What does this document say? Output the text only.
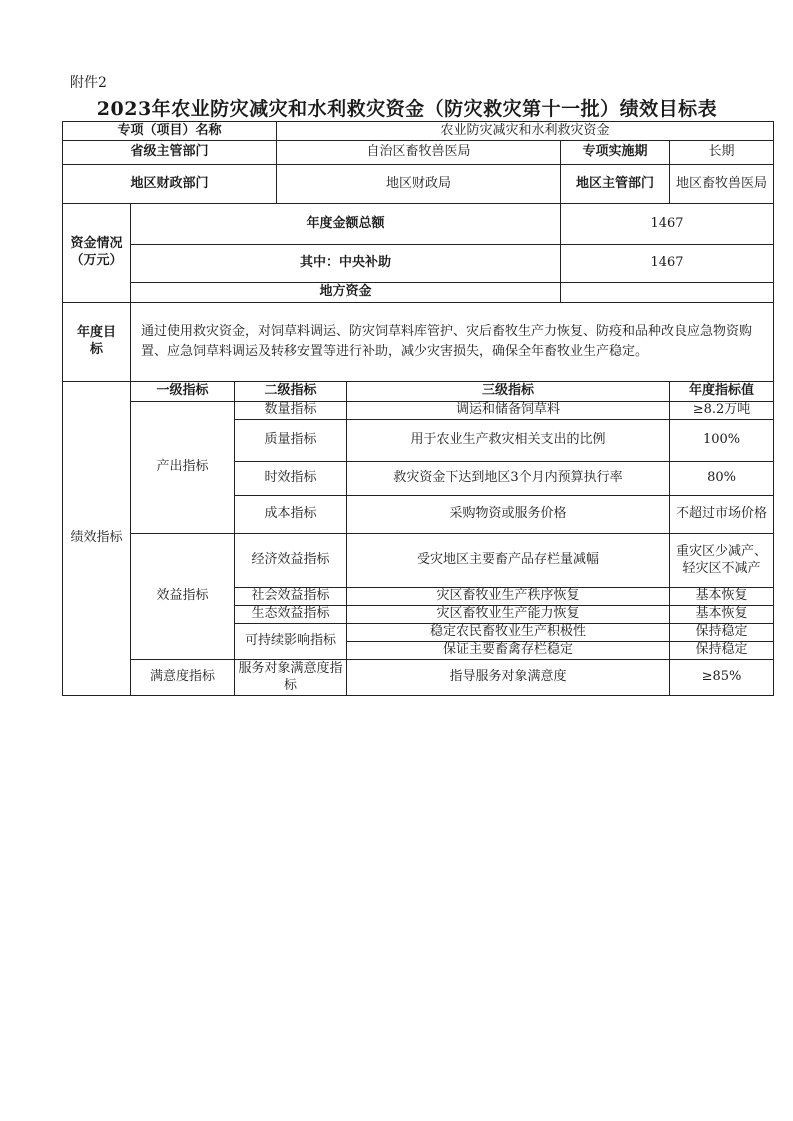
附件2
2023年农业防灾减灾和水利救灾资金（防灾救灾第十一批）绩效目标表
专项（项目）名称			农业防灾减灾和水利救灾资金			
省级主管部门			自治区畜牧兽医局		专项实施期	长期
地区财政部门			地区财政局		地区主管部门	地区畜牧兽医局
资金情况（万元）	年度金额总额				1467	
	其中：中央补助				1467	
	地方资金					
年度目标	通过使用救灾资金，对饲草料调运、防灾饲草料库管护、灾后畜牧生产力恢复、防疫和品种改良应急物资购置、应急饲草料调运及转移安置等进行补助，减少灾害损失，确保全年畜牧业生产稳定。					
绩效指标	一级指标	二级指标		三级指标		年度指标值
	产出指标	数量指标		调运和储备饲草料		≥8.2万吨
		质量指标		用于农业生产救灾相关支出的比例		100%
		时效指标		救灾资金下达到地区3个月内预算执行率		80%
		成本指标		采购物资或服务价格		不超过市场价格
	效益指标	经济效益指标		受灾地区主要畜产品存栏量减幅		重灾区少减产、轻灾区不减产
		社会效益指标		灾区畜牧业生产秩序恢复		基本恢复
		生态效益指标		灾区畜牧业生产能力恢复		基本恢复
		可持续影响指标		稳定农民畜牧业生产积极性		保持稳定
				保证主要畜禽存栏稳定		保持稳定
	满意度指标	服务对象满意度指标		指导服务对象满意度		≥85%
